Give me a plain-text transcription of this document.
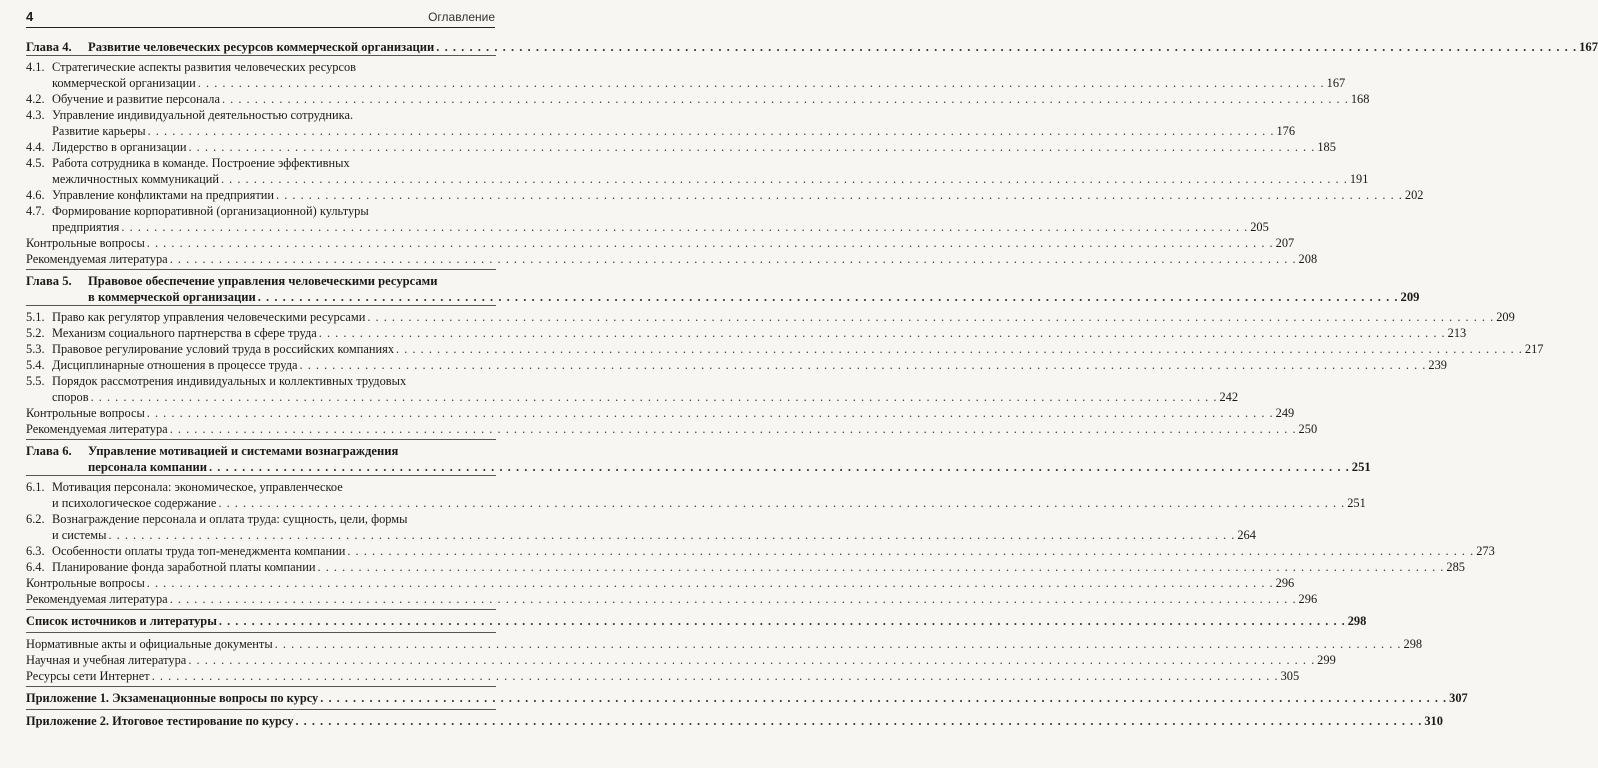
4	Оглавление
Глава 4. Развитие человеческих ресурсов коммерческой организации . . .	167
4.1. Стратегические аспекты развития человеческих ресурсов
коммерческой организации . . .	167
4.2. Обучение и развитие персонала . . .	168
4.3. Управление индивидуальной деятельностью сотрудника.
Развитие карьеры . . .	176
4.4. Лидерство в организации . . .	185
4.5. Работа сотрудника в команде. Построение эффективных
межличностных коммуникаций . . .	191
4.6. Управление конфликтами на предприятии . . .	202
4.7. Формирование корпоративной (организационной) культуры
предприятия . . .	205
Контрольные вопросы . . .	207
Рекомендуемая литература . . .	208
Глава 5. Правовое обеспечение управления человеческими ресурсами
в коммерческой организации . . .	209
5.1. Право как регулятор управления человеческими ресурсами . . .	209
5.2. Механизм социального партнерства в сфере труда . . .	213
5.3. Правовое регулирование условий труда в российских компаниях . . .	217
5.4. Дисциплинарные отношения в процессе труда . . .	239
5.5. Порядок рассмотрения индивидуальных и коллективных трудовых
споров . . .	242
Контрольные вопросы . . .	249
Рекомендуемая литература . . .	250
Глава 6. Управление мотивацией и системами вознаграждения
персонала компании . . .	251
6.1. Мотивация персонала: экономическое, управленческое
и психологическое содержание . . .	251
6.2. Вознаграждение персонала и оплата труда: сущность, цели, формы
и системы . . .	264
6.3. Особенности оплаты труда топ-менеджмента компании . . .	273
6.4. Планирование фонда заработной платы компании . . .	285
Контрольные вопросы . . .	296
Рекомендуемая литература . . .	296
Список источников и литературы . . .	298
Нормативные акты и официальные документы . . .	298
Научная и учебная литература . . .	299
Ресурсы сети Интернет . . .	305
Приложение 1. Экзаменационные вопросы по курсу . . .	307
Приложение 2. Итоговое тестирование по курсу . . .	310
